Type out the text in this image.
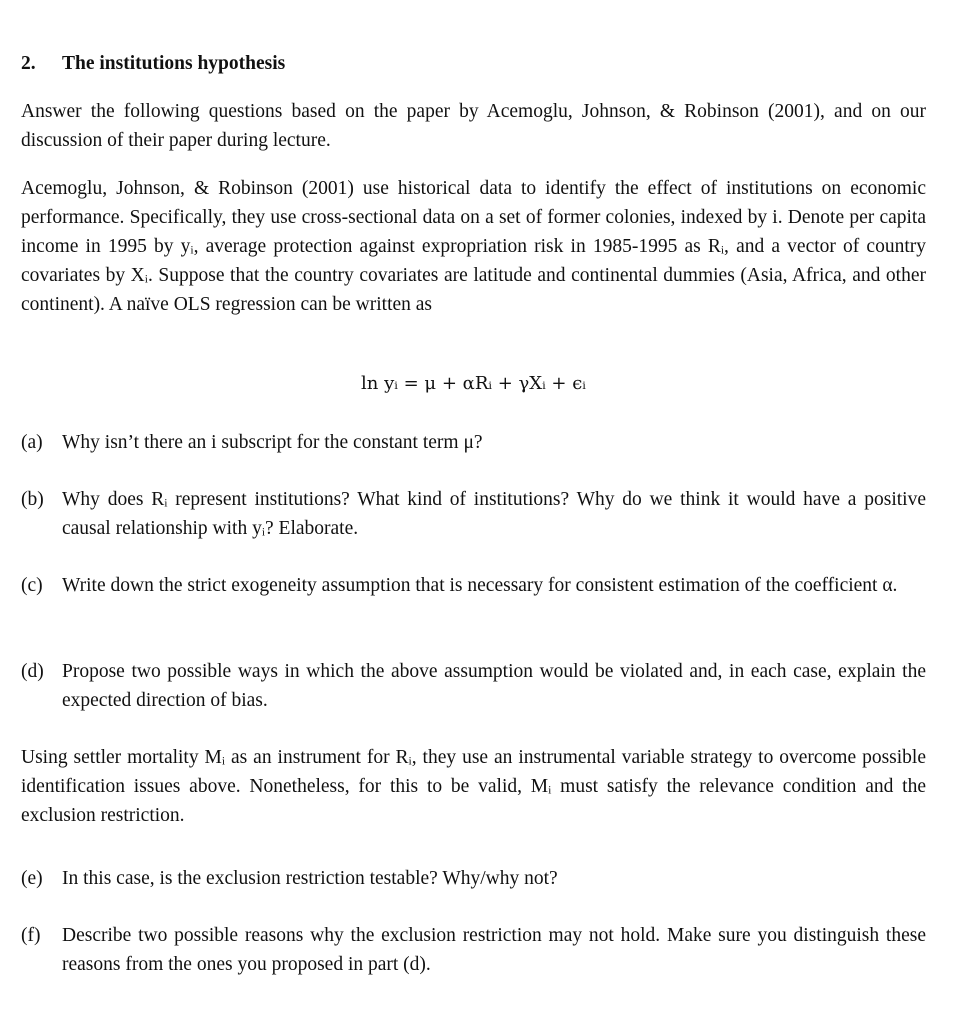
2. The institutions hypothesis
Answer the following questions based on the paper by Acemoglu, Johnson, & Robinson (2001), and on our discussion of their paper during lecture.
Acemoglu, Johnson, & Robinson (2001) use historical data to identify the effect of institutions on economic performance. Specifically, they use cross-sectional data on a set of former colonies, indexed by i. Denote per capita income in 1995 by yᵢ, average protection against expropriation risk in 1985-1995 as Rᵢ, and a vector of country covariates by Xᵢ. Suppose that the country covariates are latitude and continental dummies (Asia, Africa, and other continent). A naïve OLS regression can be written as
ln yᵢ = μ + αRᵢ + γXᵢ + ϵᵢ
(a) Why isn’t there an i subscript for the constant term μ?
(b) Why does Rᵢ represent institutions? What kind of institutions? Why do we think it would have a positive causal relationship with yᵢ? Elaborate.
(c) Write down the strict exogeneity assumption that is necessary for consistent estimation of the coefficient α.
(d) Propose two possible ways in which the above assumption would be violated and, in each case, explain the expected direction of bias.
Using settler mortality Mᵢ as an instrument for Rᵢ, they use an instrumental variable strategy to overcome possible identification issues above. Nonetheless, for this to be valid, Mᵢ must satisfy the relevance condition and the exclusion restriction.
(e) In this case, is the exclusion restriction testable? Why/why not?
(f)	Describe two possible reasons why the exclusion restriction may not hold. Make sure you distinguish these reasons from the ones you proposed in part (d).
